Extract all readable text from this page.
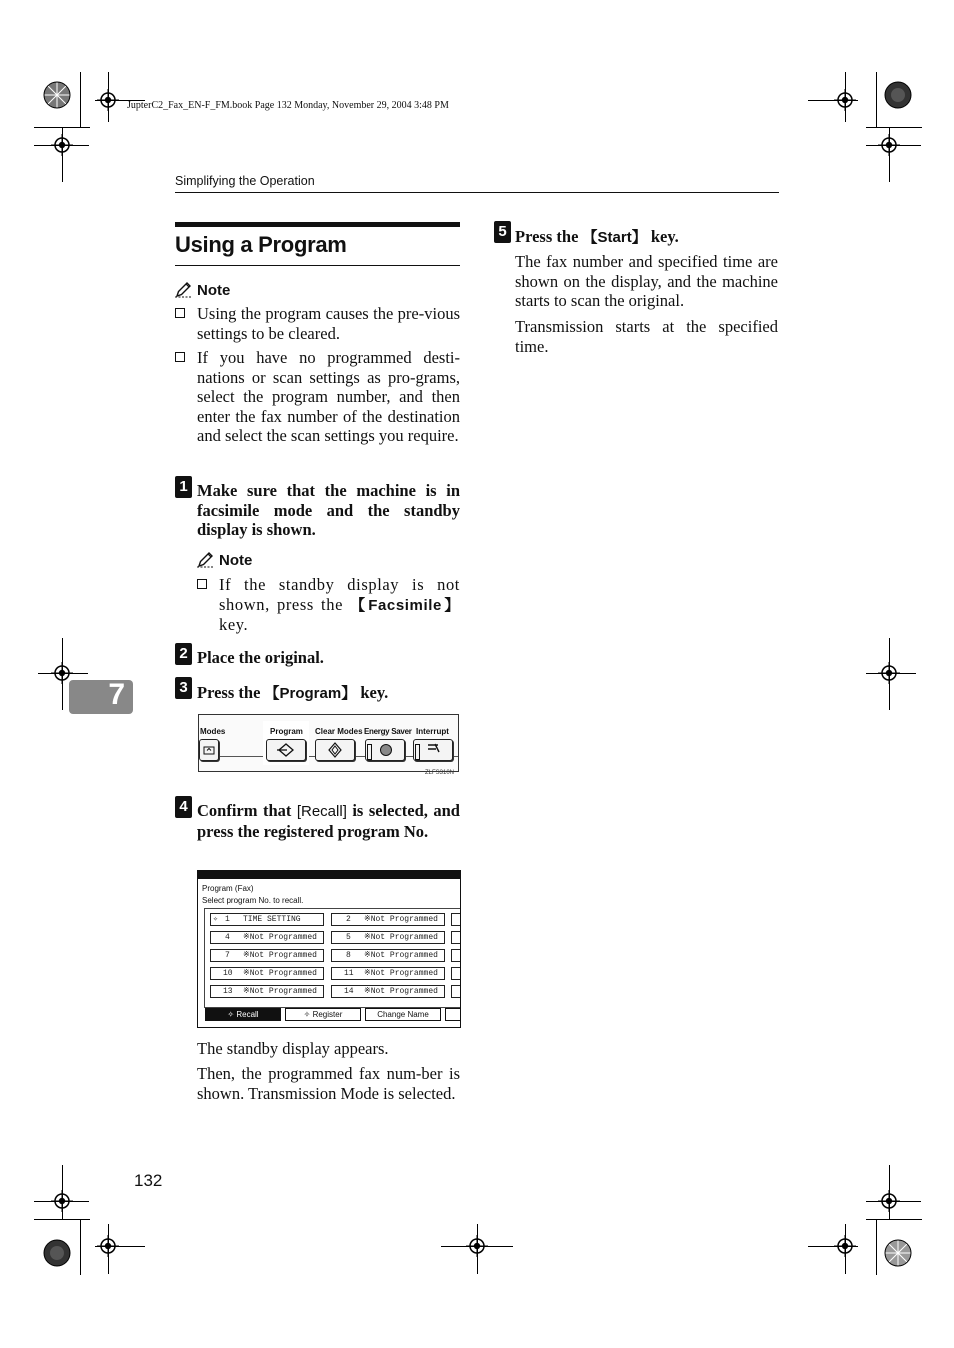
JupterC2_Fax_EN-F_FM.book Page 132 Monday, November 29, 2004 3:48 PM
Simplifying the Operation
Using a Program
Note
Using the program causes the pre-vious settings to be cleared.
If you have no programmed desti-nations or scan settings as pro-grams, select the program number, and then enter the fax number of the destination and select the scan settings you require.
1 Make sure that the machine is in facsimile mode and the standby display is shown.
Note
If the standby display is not shown, press the 【Facsimile】 key.
2 Place the original.
3 Press the 【Program】 key.
Modes	Program Clear Modes Energy Saver Interrupt
ZLFS310N
4 Confirm that [Recall] is selected, and press the registered program No.
Program (Fax)
Select program No. to recall.
✧ 1 TIME SETTING	2 ※Not Programmed
4 ※Not Programmed	5 ※Not Programmed
7 ※Not Programmed	8 ※Not Programmed
10 ※Not Programmed	11 ※Not Programmed
13 ※Not Programmed	14 ※Not Programmed
✧ Recall	✧ Register	Change Name
The standby display appears.
Then, the programmed fax num-ber is shown. Transmission Mode is selected.
5 Press the 【Start】 key.
The fax number and specified time are shown on the display, and the machine starts to scan the original.
Transmission starts at the specified time.
7
132
